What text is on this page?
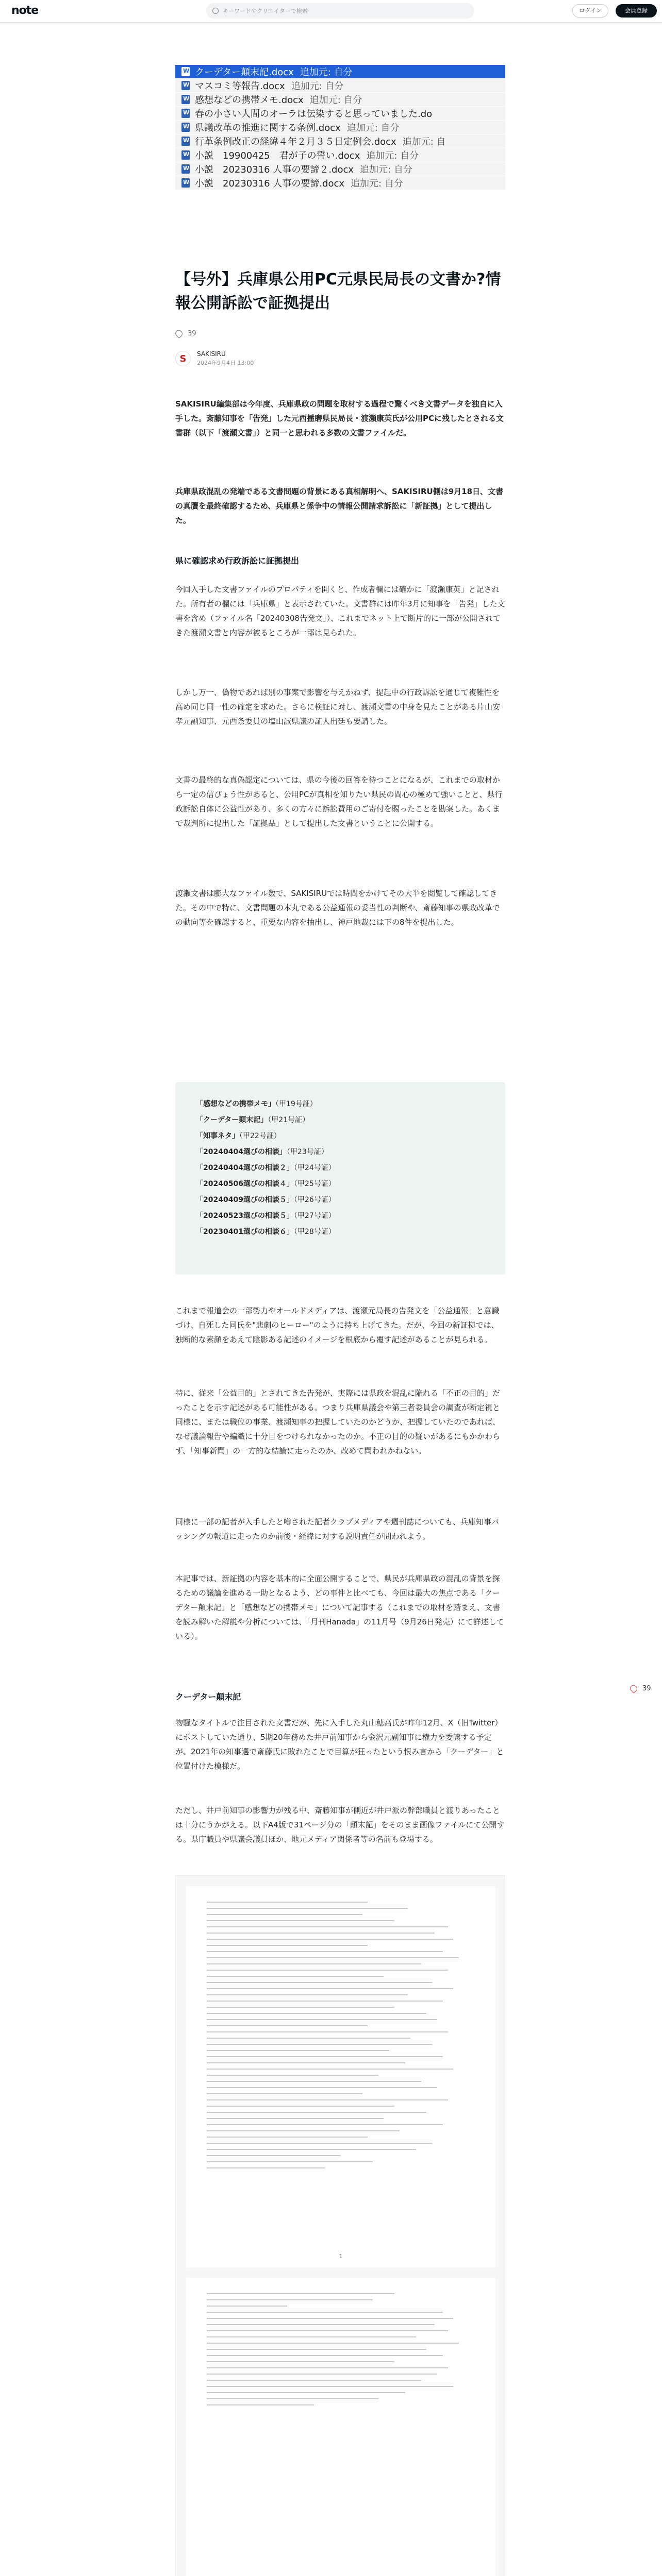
note	キーワードやクリエイターで検索	ログイン	会員登録
W
クーデター顛末記.docx 追加元: 自分
W
マスコミ等報告.docx 追加元: 自分
W
感想などの携帯メモ.docx 追加元: 自分
W
春の小さい人間のオーラは伝染すると思っていました.do
W
県議改革の推進に関する条例.docx 追加元: 自分
W
行革条例改正の経緯４年２月３５日定例会.docx 追加元: 自
W
小説　19900425　君が子の誓い.docx 追加元: 自分
W
小説　20230316 人事の要諦２.docx 追加元: 自分
W
小説　20230316 人事の要諦.docx 追加元: 自分
【号外】兵庫県公用PC元県民局長の文書か?情報公開訴訟で証拠提出
39
S	SAKISIRU
2024年9月4日 13:00
SAKISIRU編集部は今年度、兵庫県政の問題を取材する過程で驚くべき文書データを独自に入手した。斎藤知事を「告発」した元西播磨県民局長・渡瀬康英氏が公用PCに残したとされる文書群（以下「渡瀬文書」）と同一と思われる多数の文書ファイルだ。
兵庫県政混乱の発端である文書問題の背景にある真相解明へ、SAKISIRU側は9月18日、文書の真贋を最終確認するため、兵庫県と係争中の情報公開請求訴訟に「新証拠」として提出した。
県に確認求め行政訴訟に証拠提出
今回入手した文書ファイルのプロパティを開くと、作成者欄には確かに「渡瀬康英」と記された。所有者の欄には「兵庫県」と表示されていた。文書群には昨年3月に知事を「告発」した文書を含め（ファイル名「20240308告発文」）、これまでネット上で断片的に一部が公開されてきた渡瀬文書と内容が被るところが一部は見られた。
しかし万一、偽物であれば別の事案で影響を与えかねず、提起中の行政訴訟を通じて複雑性を高め同じ同一性の確定を求めた。さらに検証に対し、渡瀬文書の中身を見たことがある片山安孝元副知事、元西条委員の塩山誠県議の証人出廷も要請した。
文書の最終的な真偽認定については、県の今後の回答を待つことになるが、これまでの取材から一定の信ぴょう性があると、公用PCが真相を知りたい県民の間心の極めて強いことと、県行政訴訟自体に公益性があり、多くの方々に訴訟費用のご寄付を賜ったことを勘案した。あくまで裁判所に提出した「証拠品」として提出した文書ということに公開する。
渡瀬文書は膨大なファイル数で、SAKISIRUでは時間をかけてその大半を閲覧して確認してきた。その中で特に、文書問題の本丸である公益通報の妥当性の判断や、斎藤知事の県政改革での動向等を確認すると、重要な内容を抽出し、神戸地裁には下の8件を提出した。
「感想などの携帯メモ」（甲19号証）
「クーデター顛末記」（甲21号証）
「知事ネタ」（甲22号証）
「20240404選びの相談」（甲23号証）
「20240404選びの相談２」（甲24号証）
「20240506選びの相談４」（甲25号証）
「20240409選びの相談５」（甲26号証）
「20240523選びの相談５」（甲27号証）
「20230401選びの相談６」（甲28号証）
これまで報道会の一部勢力やオールドメディアは、渡瀬元局長の告発文を「公益通報」と意識づけ、自死した同氏を"悲劇のヒーロー"のように持ち上げてきた。だが、今回の新証拠では、独断的な素顔をあえて陰影ある記述のイメージを根底から覆す記述があることが見られる。
特に、従来「公益目的」とされてきた告発が、実際には県政を混乱に陥れる「不正の目的」だったことを示す記述がある可能性がある。つまり兵庫県議会や第三者委員会の調査が断定視と同様に、または職位の事業、渡瀬知事の把握していたのかどうか、把握していたのであれば、なぜ議論報告や編織に十分目をつけられなかったのか。不正の目的の疑いがあるにもかかわらず、「知事新聞」の一方的な結論に走ったのか、改めて問われかねない。
同様に一部の記者が入手したと噂された記者クラブメディアや週刊誌についても、兵庫知事バッシングの報道に走ったのか前後・経緯に対する説明責任が問われよう。
本記事では、新証拠の内容を基本的に全面公開することで、県民が兵庫県政の混乱の背景を探るための議論を進める一助となるよう、どの事件と比べても、今回は最大の焦点である「クーデター顛末記」と「感想などの携帯メモ」について記事する（これまでの取材を踏まえ、文書を読み解いた解説や分析については、「月刊Hanada」の11月号（9月26日発売）にて詳述している）。
クーデター顛末記
物騒なタイトルで注目された文書だが、先に入手した丸山穂高氏が昨年12月、X（旧Twitter）にポストしていた通り、5期20年務めた井戸前知事から金沢元副知事に権力を委譲する予定が、2021年の知事選で斎藤氏に敗れたことで目算が狂ったという恨み言から「クーデター」と位置付けた模様だ。
ただし、井戸前知事の影響力が残る中、斎藤知事が側近が井戸派の幹部職員と渡りあったことは十分にうかがえる。以下A4版で31ページ分の「顛末記」をそのまま画像ファイルにて公開する。県庁職員や県議会議員ほか、地元メディア関係者等の名前も登場する。
1
39
